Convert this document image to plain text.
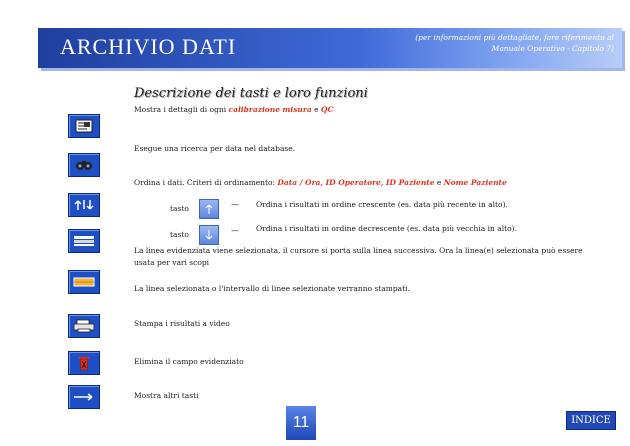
ARCHIVIO DATI	(per informazioni più dettagliate, fare riferimento al
Manuale Operativo - Capitolo 7)
Descrizione dei tasti e loro funzioni
Mostra i dettagli di ogni calibrazione misura e QC
Esegue una ricerca per data nel database.
Ordina i dati. Criteri di ordinamento: Data / Ora, ID Operatore, ID Paziente e Nome Paziente
tasto	— Ordina i risultati in ordine crescente (es. data più recente in alto).
tasto	— Ordina i risultati in ordine decrescente (es. data più vecchia in alto).
La linea evidenziata viene selezionata, il cursore si porta sulla linea successiva. Ora la linea(e) selezionata può essere usata per vari scopi
La linea selezionata o l'intervallo di linee selezionate verranno stampati.
Stampa i risultati a video
Elimina il campo evidenziato
Mostra altri tasti
11	INDICE
